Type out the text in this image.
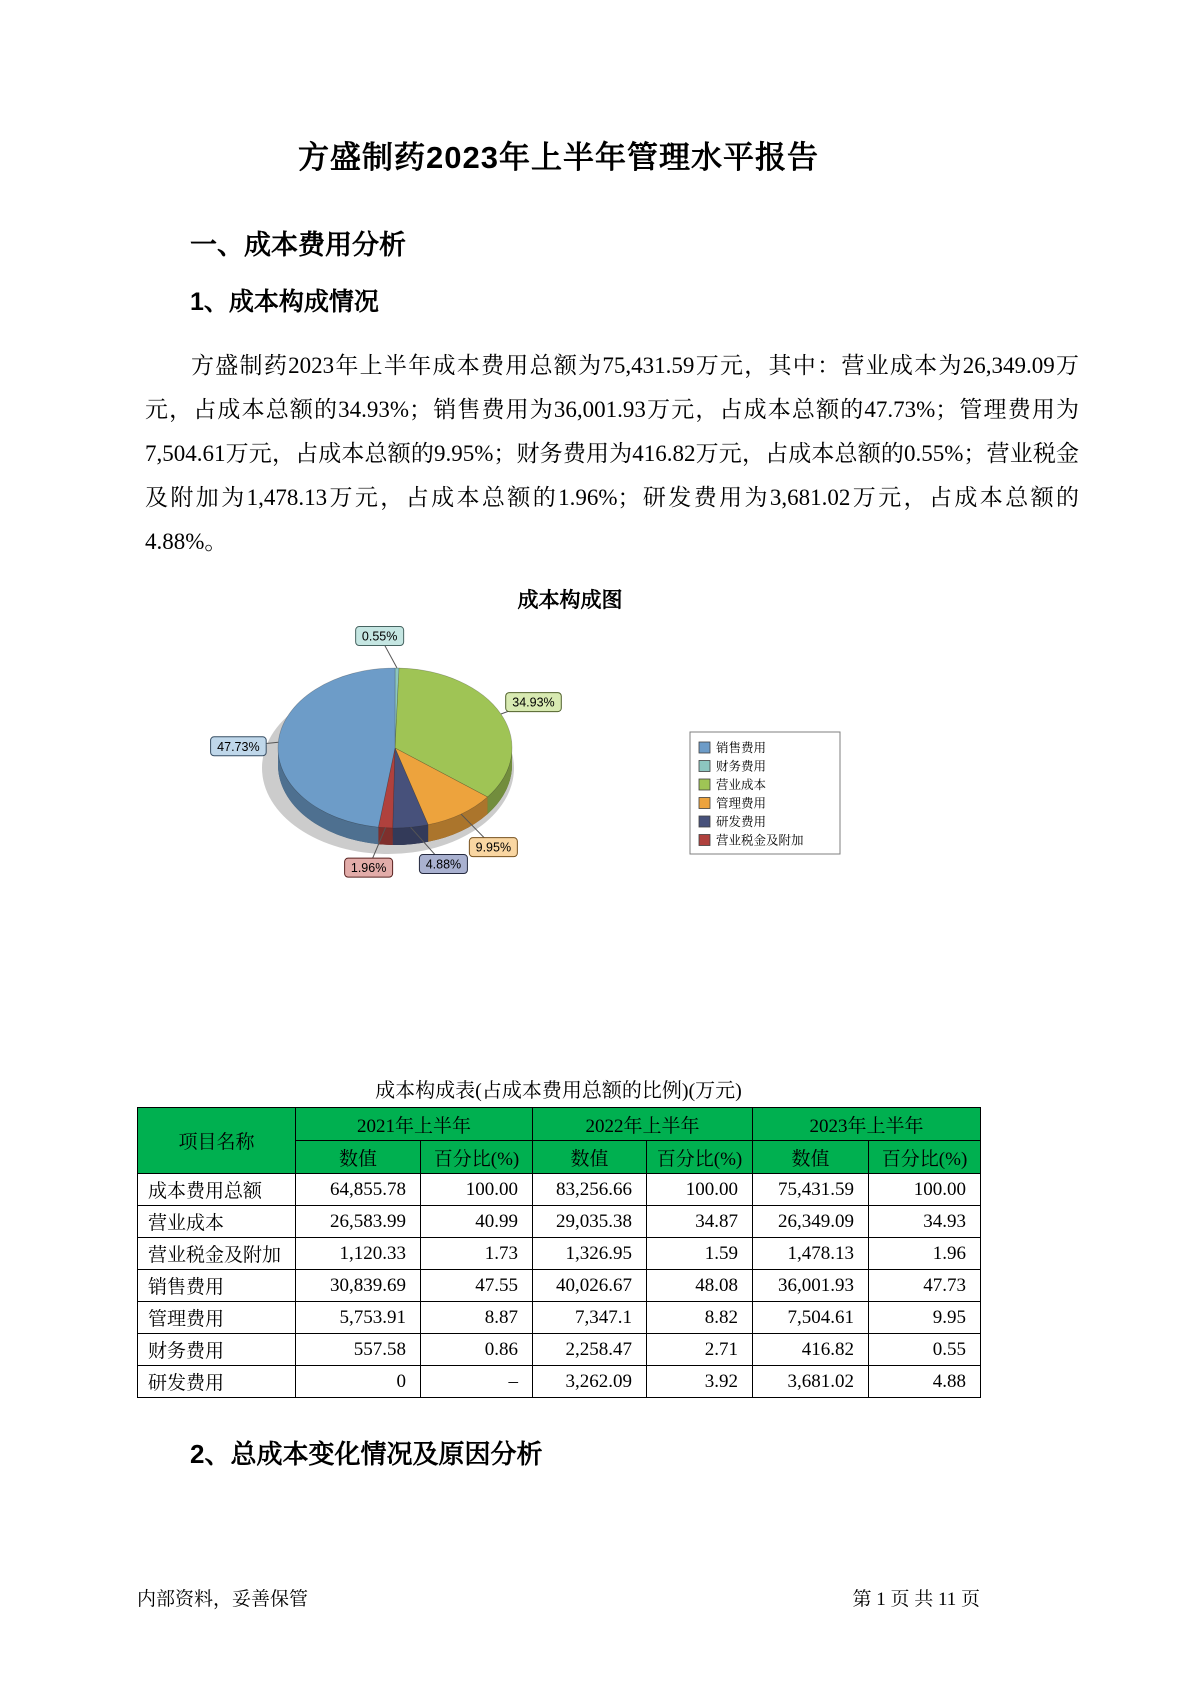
方盛制药2023年上半年管理水平报告
一、成本费用分析
1、成本构成情况

方盛制药2023年上半年成本费用总额为75,431.59万元，其中：营业成本为26,349.09万元，占成本总额的34.93%；销售费用为36,001.93万元，占成本总额的47.73%；管理费用为7,504.61万元，占成本总额的9.95%；财务费用为416.82万元，占成本总额的0.55%；营业税金及附加为1,478.13万元，占成本总额的1.96%；研发费用为3,681.02万元，占成本总额的4.88%。

成本构成图
0.55%
34.93%
9.95%
4.88%
1.96%
47.73%	销售费用
财务费用
营业成本
管理费用
研发费用
营业税金及附加
成本构成表(占成本费用总额的比例)(万元)
项目名称	2021年上半年		2022年上半年		2023年上半年	
	数值	百分比(%)	数值	百分比(%)	数值	百分比(%)
成本费用总额	64,855.78	100.00	83,256.66	100.00	75,431.59	100.00
营业成本	26,583.99	40.99	29,035.38	34.87	26,349.09	34.93
营业税金及附加	1,120.33	1.73	1,326.95	1.59	1,478.13	1.96
销售费用	30,839.69	47.55	40,026.67	48.08	36,001.93	47.73
管理费用	5,753.91	8.87	7,347.1	8.82	7,504.61	9.95
财务费用	557.58	0.86	2,258.47	2.71	416.82	0.55
研发费用	0	–	3,262.09	3.92	3,681.02	4.88
2、总成本变化情况及原因分析
内部资料，妥善保管	第 1 页 共 11 页
